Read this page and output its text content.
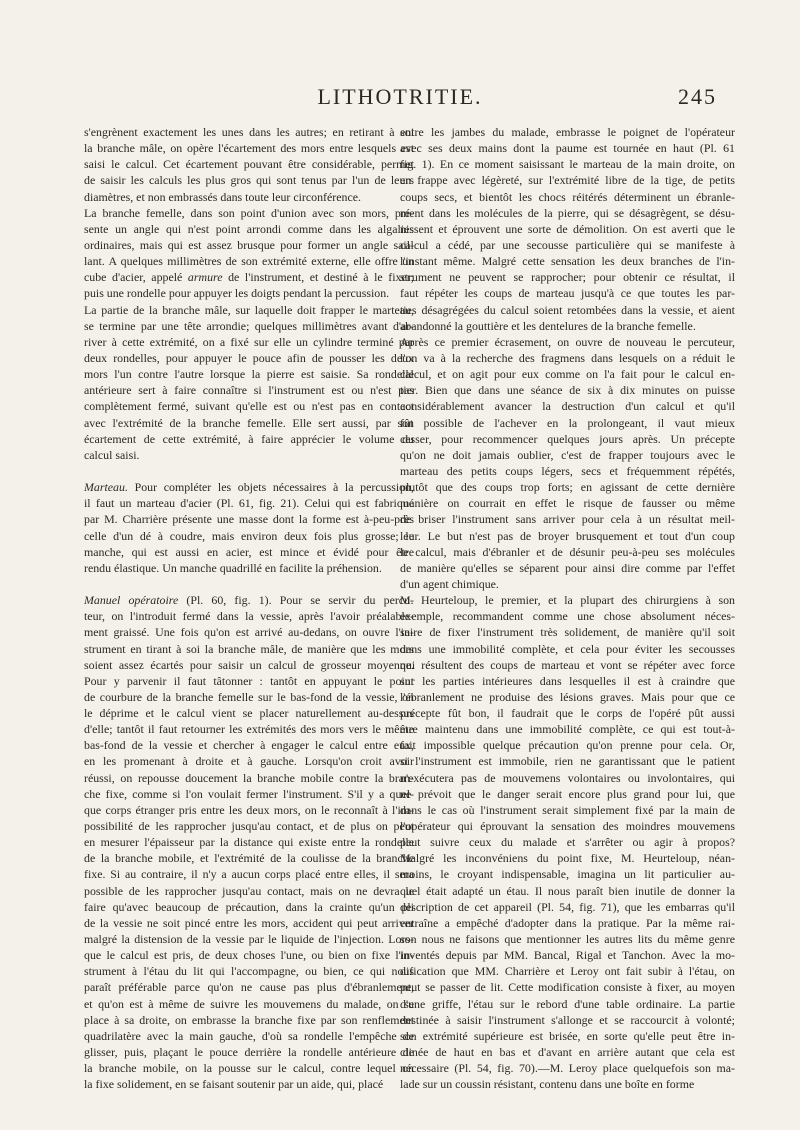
LITHOTRITIE.	245
s'engrènent exactement les unes dans les autres; en retirant à soi
la branche mâle, on opère l'écartement des mors entre lesquels est
saisi le calcul. Cet écartement pouvant être considérable, permet
de saisir les calculs les plus gros qui sont tenus par l'un de leurs
diamètres, et non embrassés dans toute leur circonférence.
La branche femelle, dans son point d'union avec son mors, pré-
sente un angle qui n'est point arrondi comme dans les algalies
ordinaires, mais qui est assez brusque pour former un angle sail-
lant. A quelques millimètres de son extrémité externe, elle offre un
cube d'acier, appelé armure de l'instrument, et destiné à le fixer;
puis une rondelle pour appuyer les doigts pendant la percussion.
La partie de la branche mâle, sur laquelle doit frapper le marteau,
se termine par une tête arrondie; quelques millimètres avant d'ar-
river à cette extrémité, on a fixé sur elle un cylindre terminé par
deux rondelles, pour appuyer le pouce afin de pousser les deux
mors l'un contre l'autre lorsque la pierre est saisie. Sa rondelle
antérieure sert à faire connaître si l'instrument est ou n'est pas
complètement fermé, suivant qu'elle est ou n'est pas en contact
avec l'extrémité de la branche femelle. Elle sert aussi, par son
écartement de cette extrémité, à faire apprécier le volume du
calcul saisi.
Marteau. Pour compléter les objets nécessaires à la percussion,
il faut un marteau d'acier (Pl. 61, fig. 21). Celui qui est fabriqué
par M. Charrière présente une masse dont la forme est à-peu-près
celle d'un dé à coudre, mais environ deux fois plus grosse; le
manche, qui est aussi en acier, est mince et évidé pour être
rendu élastique. Un manche quadrillé en facilite la préhension.
Manuel opératoire (Pl. 60, fig. 1). Pour se servir du percu-
teur, on l'introduit fermé dans la vessie, après l'avoir préalable-
ment graissé. Une fois qu'on est arrivé au-dedans, on ouvre l'in-
strument en tirant à soi la branche mâle, de manière que les mors
soient assez écartés pour saisir un calcul de grosseur moyenne.
Pour y parvenir il faut tâtonner : tantôt en appuyant le point
de courbure de la branche femelle sur le bas-fond de la vessie, on
le déprime et le calcul vient se placer naturellement au-dessus
d'elle; tantôt il faut retourner les extrémités des mors vers le même
bas-fond de la vessie et chercher à engager le calcul entre eux,
en les promenant à droite et à gauche. Lorsqu'on croit avoir
réussi, on repousse doucement la branche mobile contre la bran-
che fixe, comme si l'on voulait fermer l'instrument. S'il y a quel-
que corps étranger pris entre les deux mors, on le reconnaît à l'im-
possibilité de les rapprocher jusqu'au contact, et de plus on peut
en mesurer l'épaisseur par la distance qui existe entre la rondelle
de la branche mobile, et l'extrémité de la coulisse de la branche
fixe. Si au contraire, il n'y a aucun corps placé entre elles, il sera
possible de les rapprocher jusqu'au contact, mais on ne devra le
faire qu'avec beaucoup de précaution, dans la crainte qu'un pli
de la vessie ne soit pincé entre les mors, accident qui peut arriver
malgré la distension de la vessie par le liquide de l'injection. Lors-
que le calcul est pris, de deux choses l'une, ou bien on fixe l'in-
strument à l'étau du lit qui l'accompagne, ou bien, ce qui nous
paraît préférable parce qu'on ne cause pas plus d'ébranlement,
et qu'on est à même de suivre les mouvemens du malade, on se
place à sa droite, on embrasse la branche fixe par son renflement
quadrilatère avec la main gauche, d'où sa rondelle l'empêche de
glisser, puis, plaçant le pouce derrière la rondelle antérieure de
la branche mobile, on la pousse sur le calcul, contre lequel on
la fixe solidement, en se faisant soutenir par un aide, qui, placé
entre les jambes du malade, embrasse le poignet de l'opérateur
avec ses deux mains dont la paume est tournée en haut (Pl. 61
fig. 1). En ce moment saisissant le marteau de la main droite, on
en frappe avec légèreté, sur l'extrémité libre de la tige, de petits
coups secs, et bientôt les chocs réitérés déterminent un ébranle-
ment dans les molécules de la pierre, qui se désagrègent, se désu-
nissent et éprouvent une sorte de démolition. On est averti que le
calcul a cédé, par une secousse particulière qui se manifeste à
l'instant même. Malgré cette sensation les deux branches de l'in-
strument ne peuvent se rapprocher; pour obtenir ce résultat, il
faut répéter les coups de marteau jusqu'à ce que toutes les par-
ties désagrégées du calcul soient retombées dans la vessie, et aient
abandonné la gouttière et les dentelures de la branche femelle.
Après ce premier écrasement, on ouvre de nouveau le percuteur,
l'on va à la recherche des fragmens dans lesquels on a réduit le
calcul, et on agit pour eux comme on l'a fait pour le calcul en-
tier. Bien que dans une séance de six à dix minutes on puisse
considérablement avancer la destruction d'un calcul et qu'il
fût possible de l'achever en la prolongeant, il vaut mieux
cesser, pour recommencer quelques jours après. Un précepte
qu'on ne doit jamais oublier, c'est de frapper toujours avec le
marteau des petits coups légers, secs et fréquemment répétés,
plutôt que des coups trop forts; en agissant de cette dernière
manière on courrait en effet le risque de fausser ou même
de briser l'instrument sans arriver pour cela à un résultat meil-
leur. Le but n'est pas de broyer brusquement et tout d'un coup
le calcul, mais d'ébranler et de désunir peu-à-peu ses molécules
de manière qu'elles se séparent pour ainsi dire comme par l'effet
d'un agent chimique.
M. Heurteloup, le premier, et la plupart des chirurgiens à son
exemple, recommandent comme une chose absolument néces-
saire de fixer l'instrument très solidement, de manière qu'il soit
dans une immobilité complète, et cela pour éviter les secousses
qui résultent des coups de marteau et vont se répéter avec force
sur les parties intérieures dans lesquelles il est à craindre que
l'ébranlement ne produise des lésions graves. Mais pour que ce
précepte fût bon, il faudrait que le corps de l'opéré pût aussi
être maintenu dans une immobilité complète, ce qui est tout-à-
fait impossible quelque précaution qu'on prenne pour cela. Or,
si l'instrument est immobile, rien ne garantissant que le patient
n'exécutera pas de mouvemens volontaires ou involontaires, qui
ne prévoit que le danger serait encore plus grand pour lui, que
dans le cas où l'instrument serait simplement fixé par la main de
l'opérateur qui éprouvant la sensation des moindres mouvemens
peut suivre ceux du malade et s'arrêter ou agir à propos?
Malgré les inconvéniens du point fixe, M. Heurteloup, néan-
moins, le croyant indispensable, imagina un lit particulier au-
quel était adapté un étau. Il nous paraît bien inutile de donner la
description de cet appareil (Pl. 54, fig. 71), que les embarras qu'il
entraîne a empêché d'adopter dans la pratique. Par la même rai-
son nous ne faisons que mentionner les autres lits du même genre
inventés depuis par MM. Bancal, Rigal et Tanchon. Avec la mo-
dification que MM. Charrière et Leroy ont fait subir à l'étau, on
peut se passer de lit. Cette modification consiste à fixer, au moyen
d'une griffe, l'étau sur le rebord d'une table ordinaire. La partie
destinée à saisir l'instrument s'allonge et se raccourcit à volonté;
son extrémité supérieure est brisée, en sorte qu'elle peut être in-
clinée de haut en bas et d'avant en arrière autant que cela est
nécessaire (Pl. 54, fig. 70).—M. Leroy place quelquefois son ma-
lade sur un coussin résistant, contenu dans une boîte en forme
